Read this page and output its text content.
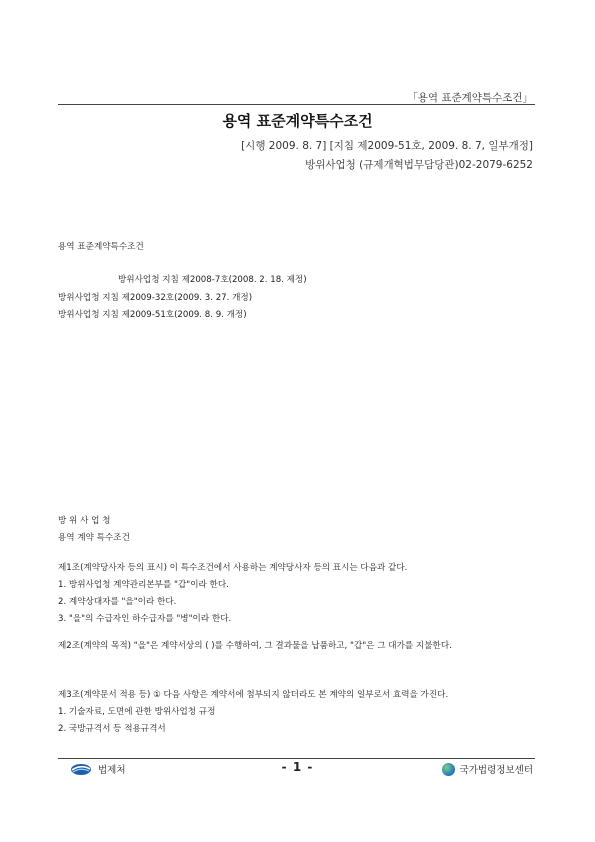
「용역 표준계약특수조건」
용역 표준계약특수조건
[시행 2009. 8. 7] [지침 제2009-51호, 2009. 8. 7, 일부개정]
방위사업청 (규제개혁법무담당관)02-2079-6252
용역 표준계약특수조건
방위사업청 지침 제2008-7호(2008. 2. 18. 제정)
방위사업청 지침 제2009-32호(2009. 3. 27. 개정)
방위사업청 지침 제2009-51호(2009. 8. 9. 개정)
방 위 사 업 청
용역 계약 특수조건
제1조(계약당사자 등의 표시) 이 특수조건에서 사용하는 계약당사자 등의 표시는 다음과 같다.
1. 방위사업청 계약관리본부를 "갑"이라 한다.
2. 계약상대자를 "을"이라 한다.
3. "을"의 수급자인 하수급자를 "병"이라 한다.
제2조(계약의 목적) "을"은 계약서상의 ( )를 수행하여, 그 결과물을 납품하고, "갑"은 그 대가를 지불한다.
제3조(계약문서 적용 등) ① 다음 사항은 계약서에 첨부되지 않더라도 본 계약의 일부로서 효력을 가진다.
1. 기술자료, 도면에 관한 방위사업청 규정
2. 국방규격서 등 적용규격서
법제처	- 1 -	국가법령정보센터
